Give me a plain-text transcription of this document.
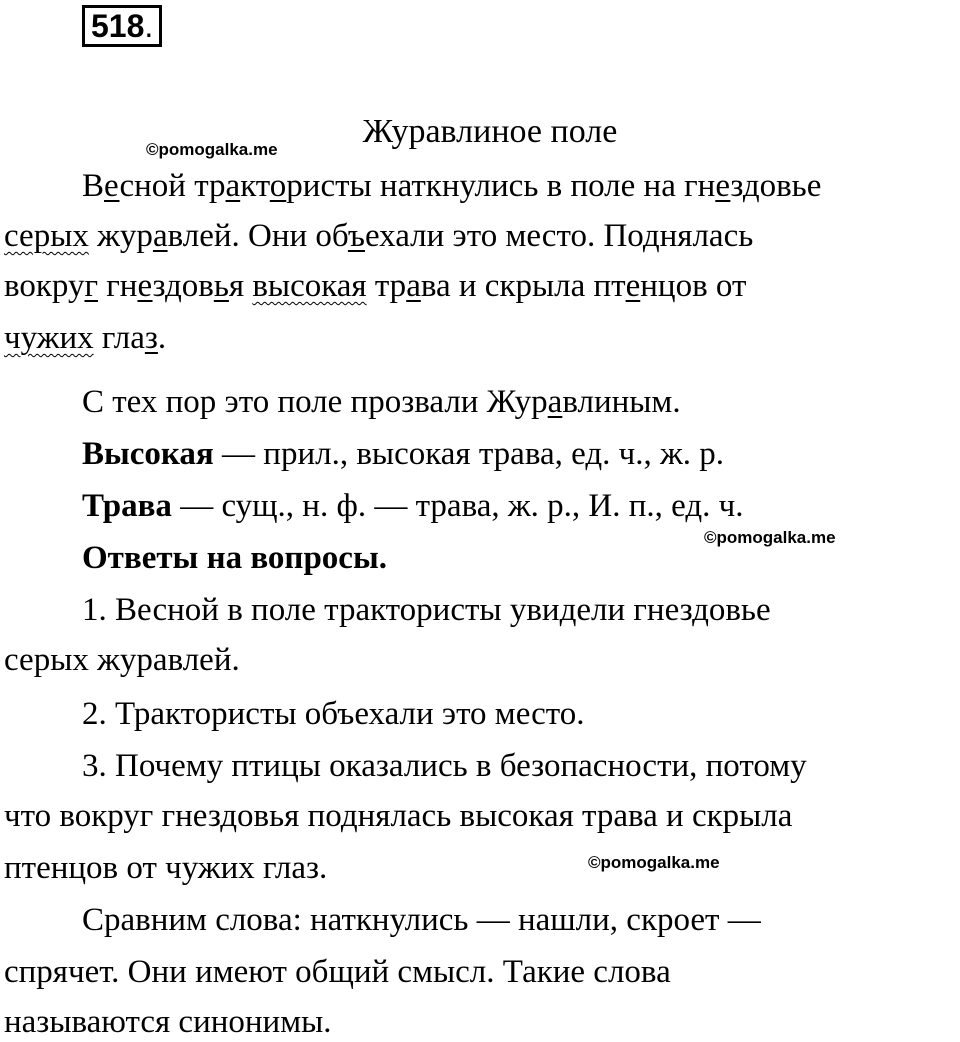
518.
©pomogalka.me	Журавлиное поле
Весной трактористы наткнулись в поле на гнездовье
серых журавлей. Они объехали это место. Поднялась
вокруг гнездовья высокая трава и скрыла птенцов от
чужих глаз.
С тех пор это поле прозвали Журавлиным.
Высокая — прил., высокая трава, ед. ч., ж. р.
Трава — сущ., н. ф. — трава, ж. р., И. п., ед. ч.
©pomogalka.me
Ответы на вопросы.
1. Весной в поле трактористы увидели гнездовье
серых журавлей.
2. Трактористы объехали это место.
3. Почему птицы оказались в безопасности, потому
что вокруг гнездовья поднялась высокая трава и скрыла
птенцов от чужих глаз.	©pomogalka.me
Сравним слова: наткнулись — нашли, скроет —
спрячет. Они имеют общий смысл. Такие слова
называются синонимы.
